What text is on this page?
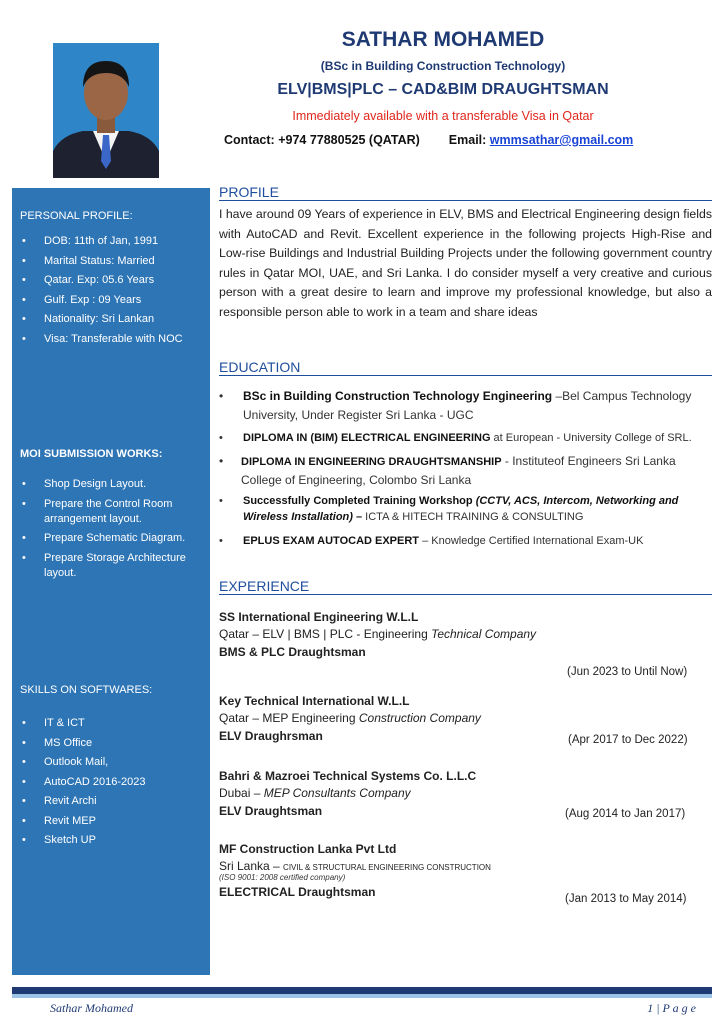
SATHAR MOHAMED
(BSc in Building Construction Technology)
ELV|BMS|PLC – CAD&BIM DRAUGHTSMAN
Immediately available with a transferable Visa in Qatar
Contact: +974 77880525 (QATAR) Email: wmmsathar@gmail.com
PERSONAL PROFILE:
• DOB: 11th of Jan, 1991
• Marital Status: Married
• Qatar. Exp: 05.6 Years
• Gulf. Exp : 09 Years
• Nationality: Sri Lankan
• Visa: Transferable with NOC
MOI SUBMISSION WORKS:
• Shop Design Layout.
• Prepare the Control Room arrangement layout.
• Prepare Schematic Diagram.
• Prepare Storage Architecture layout.
SKILLS ON SOFTWARES:
• IT & ICT
• MS Office
• Outlook Mail,
• AutoCAD 2016-2023
• Revit Archi
• Revit MEP
• Sketch UP
PROFILE
I have around 09 Years of experience in ELV, BMS and Electrical Engineering design fields with AutoCAD and Revit. Excellent experience in the following projects High-Rise and Low-rise Buildings and Industrial Building Projects under the following government country rules in Qatar MOI, UAE, and Sri Lanka. I do consider myself a very creative and curious person with a great desire to learn and improve my professional knowledge, but also a responsible person able to work in a team and share ideas
EDUCATION
• BSc in Building Construction Technology Engineering –Bel Campus Technology University, Under Register Sri Lanka - UGC
• DIPLOMA IN (BIM) ELECTRICAL ENGINEERING at European - University College of SRL.
• DIPLOMA IN ENGINEERING DRAUGHTSMANSHIP - Instituteof Engineers Sri Lanka College of Engineering, Colombo Sri Lanka
• Successfully Completed Training Workshop (CCTV, ACS, Intercom, Networking and Wireless Installation) – ICTA & HITECH TRAINING & CONSULTING
• EPLUS EXAM AUTOCAD EXPERT – Knowledge Certified International Exam-UK
EXPERIENCE
SS International Engineering W.L.L
Qatar – ELV | BMS | PLC - Engineering Technical Company
BMS & PLC Draughtsman
(Jun 2023 to Until Now)
Key Technical International W.L.L
Qatar – MEP Engineering Construction Company
ELV Draughrsman	(Apr 2017 to Dec 2022)
Bahri & Mazroei Technical Systems Co. L.L.C
Dubai – MEP Consultants Company
ELV Draughtsman	(Aug 2014 to Jan 2017)
MF Construction Lanka Pvt Ltd
Sri Lanka – CIVIL & STRUCTURAL ENGINEERING CONSTRUCTION
(ISO 9001: 2008 certified company)
ELECTRICAL Draughtsman	(Jan 2013 to May 2014)
Sathar Mohamed	1 | P a g e
